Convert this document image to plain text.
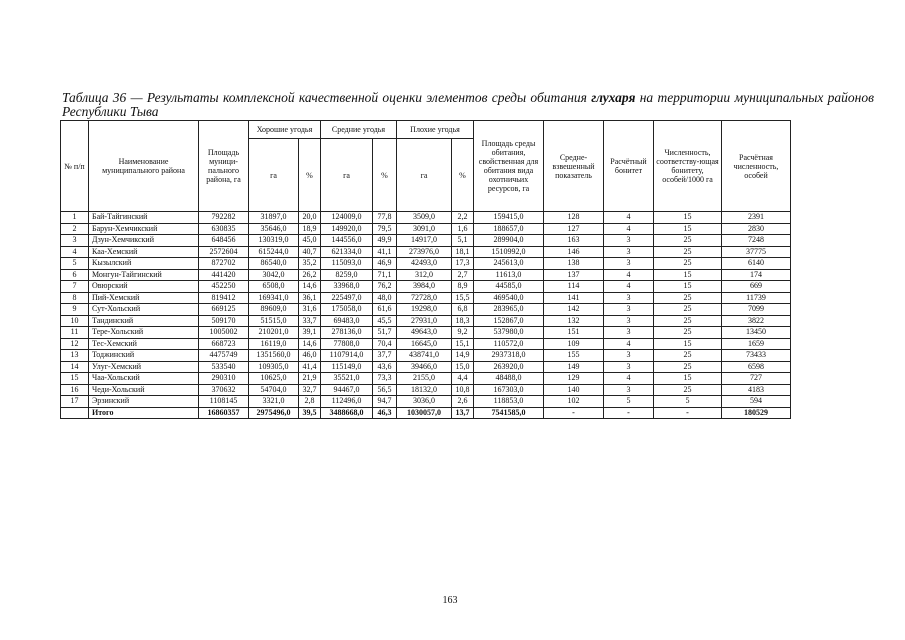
Таблица 36 — Результаты комплексной качественной оценки элементов среды обитания глухаря на территории муниципальных районов Республики Тыва
№ п/п	Наименование муниципального района	Площадь муници-пального района, га	Хорошие угодья		Средние угодья		Плохие угодья		Площадь среды обитания, свойственная для обитания вида охотничьих ресурсов, га	Средне-взвешенный показатель	Расчётный бонитет	Численность, соответству-ющая бонитету, особей/1000 га	Расчётная численность, особей
			га	%	га	%	га	%					
1	Бай-Тайгинский	792282	31897,0	20,0	124009,0	77,8	3509,0	2,2	159415,0	128	4	15	2391
2	Барун-Хемчикский	630835	35646,0	18,9	149920,0	79,5	3091,0	1,6	188657,0	127	4	15	2830
3	Дзун-Хемчикский	648456	130319,0	45,0	144556,0	49,9	14917,0	5,1	289904,0	163	3	25	7248
4	Каа-Хемский	2572604	615244,0	40,7	621334,0	41,1	273976,0	18,1	1510992,0	146	3	25	37775
5	Кызылский	872702	86540,0	35,2	115093,0	46,9	42493,0	17,3	245613,0	138	3	25	6140
6	Монгун-Тайгинский	441420	3042,0	26,2	8259,0	71,1	312,0	2,7	11613,0	137	4	15	174
7	Овюрский	452250	6508,0	14,6	33968,0	76,2	3984,0	8,9	44585,0	114	4	15	669
8	Пий-Хемский	819412	169341,0	36,1	225497,0	48,0	72728,0	15,5	469540,0	141	3	25	11739
9	Сут-Хольский	669125	89609,0	31,6	175058,0	61,6	19298,0	6,8	283965,0	142	3	25	7099
10	Тандинский	509170	51515,0	33,7	69483,0	45,5	27931,0	18,3	152867,0	132	3	25	3822
11	Тере-Хольский	1005002	210201,0	39,1	278136,0	51,7	49643,0	9,2	537980,0	151	3	25	13450
12	Тес-Хемский	668723	16119,0	14,6	77808,0	70,4	16645,0	15,1	110572,0	109	4	15	1659
13	Тоджинский	4475749	1351560,0	46,0	1107914,0	37,7	438741,0	14,9	2937318,0	155	3	25	73433
14	Улуг-Хемский	533540	109305,0	41,4	115149,0	43,6	39466,0	15,0	263920,0	149	3	25	6598
15	Чаа-Хольский	290310	10625,0	21,9	35521,0	73,3	2155,0	4,4	48488,0	129	4	15	727
16	Чеди-Хольский	370632	54704,0	32,7	94467,0	56,5	18132,0	10,8	167303,0	140	3	25	4183
17	Эрзинский	1108145	3321,0	2,8	112496,0	94,7	3036,0	2,6	118853,0	102	5	5	594
	Итого	16860357	2975496,0	39,5	3488668,0	46,3	1030057,0	13,7	7541585,0	-	-	-	180529
163
